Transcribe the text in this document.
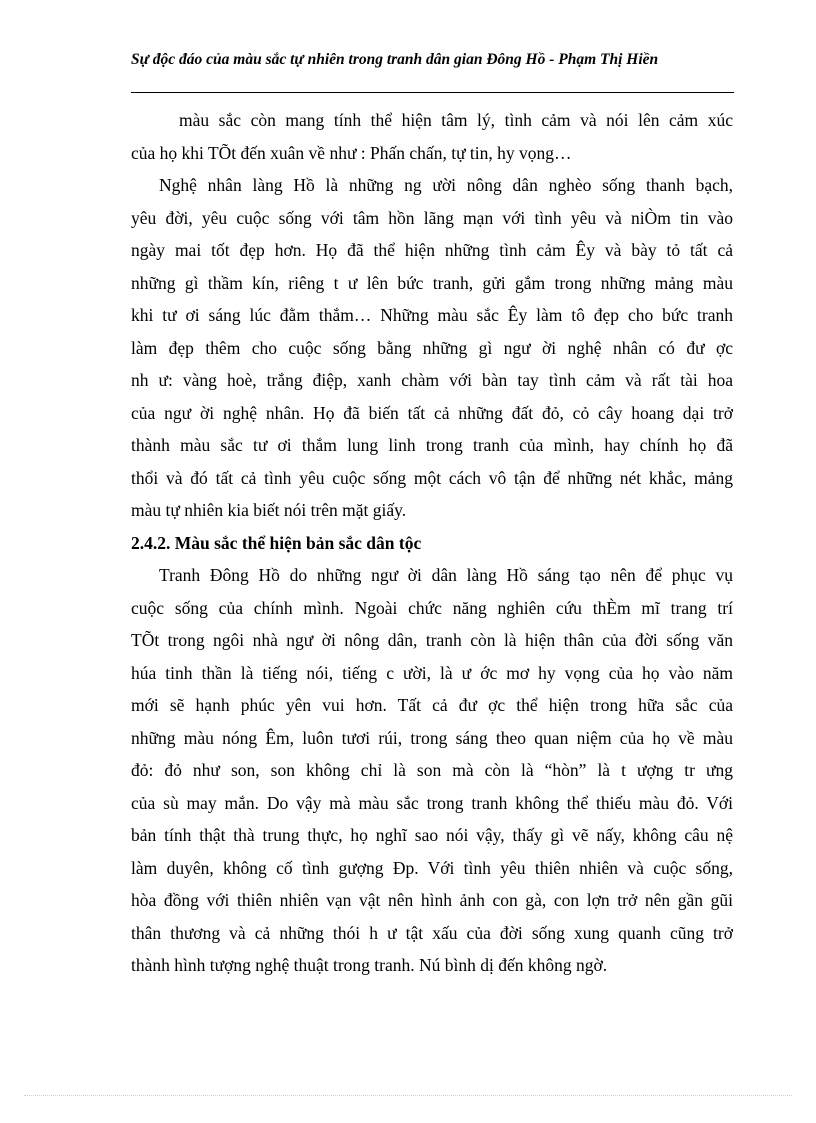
Sự độc đáo của màu sắc tự nhiên trong tranh dân gian Đông Hồ - Phạm Thị Hiền
màu sắc còn mang tính thể hiện tâm lý, tình cảm và nói lên cảm xúc
của họ khi TÕt đến xuân về như : Phấn chấn, tự tin, hy vọng…
Nghệ nhân làng Hồ là những ng ười nông dân nghèo sống thanh bạch,
yêu đời, yêu cuộc sống với tâm hồn lãng mạn với tình yêu và niÒm tin vào
ngày mai tốt đẹp hơn. Họ đã thể hiện những tình cảm Êy và bày tỏ tất cả
những gì thầm kín, riêng t ư lên bức tranh, gửi gắm trong những mảng màu
khi tư ơi sáng lúc đằm thắm… Những màu sắc Êy làm tô đẹp cho bức tranh
làm đẹp thêm cho cuộc sống bằng những gì ngư ời nghệ nhân có đư ợc
nh ư: vàng hoè, trắng điệp, xanh chàm với bàn tay tình cảm và rất tài hoa
của ngư ời nghệ nhân. Họ đã biến tất cả những đất đỏ, cỏ cây hoang dại trở
thành màu sắc tư ơi thắm lung linh trong tranh của mình, hay chính họ đã
thổi và đó tất cả tình yêu cuộc sống một cách vô tận để những nét khắc, mảng
màu tự nhiên kia biết nói trên mặt giấy.
2.4.2. Màu sắc thể hiện bản sắc dân tộc
Tranh Đông Hồ do những ngư ời dân làng Hồ sáng tạo nên để phục vụ
cuộc sống của chính mình. Ngoài chức năng nghiên cứu thÈm mĩ trang trí
TÕt trong ngôi nhà ngư ời nông dân, tranh còn là hiện thân của đời sống văn
húa tinh thần là tiếng nói, tiếng c ười, là ư ớc mơ hy vọng của họ vào năm
mới sẽ hạnh phúc yên vui hơn. Tất cả đư ợc thể hiện trong hữa sắc của
những màu nóng Êm, luôn tươi rúi, trong sáng theo quan niệm của họ về màu
đỏ: đỏ như son, son không chỉ là son mà còn là “hòn” là t ượng tr ưng
của sù may mắn. Do vậy mà màu sắc trong tranh không thể thiếu màu đỏ. Với
bản tính thật thà trung thực, họ nghĩ sao nói vậy, thấy gì vẽ nấy, không câu nệ
làm duyên, không cố tình gượng Ðp. Với tình yêu thiên nhiên và cuộc sống,
hòa đồng với thiên nhiên vạn vật nên hình ảnh con gà, con lợn trở nên gần gũi
thân thương và cả những thói h ư tật xấu của đời sống xung quanh cũng trở
thành hình tượng nghệ thuật trong tranh. Nú bình dị đến không ngờ.
